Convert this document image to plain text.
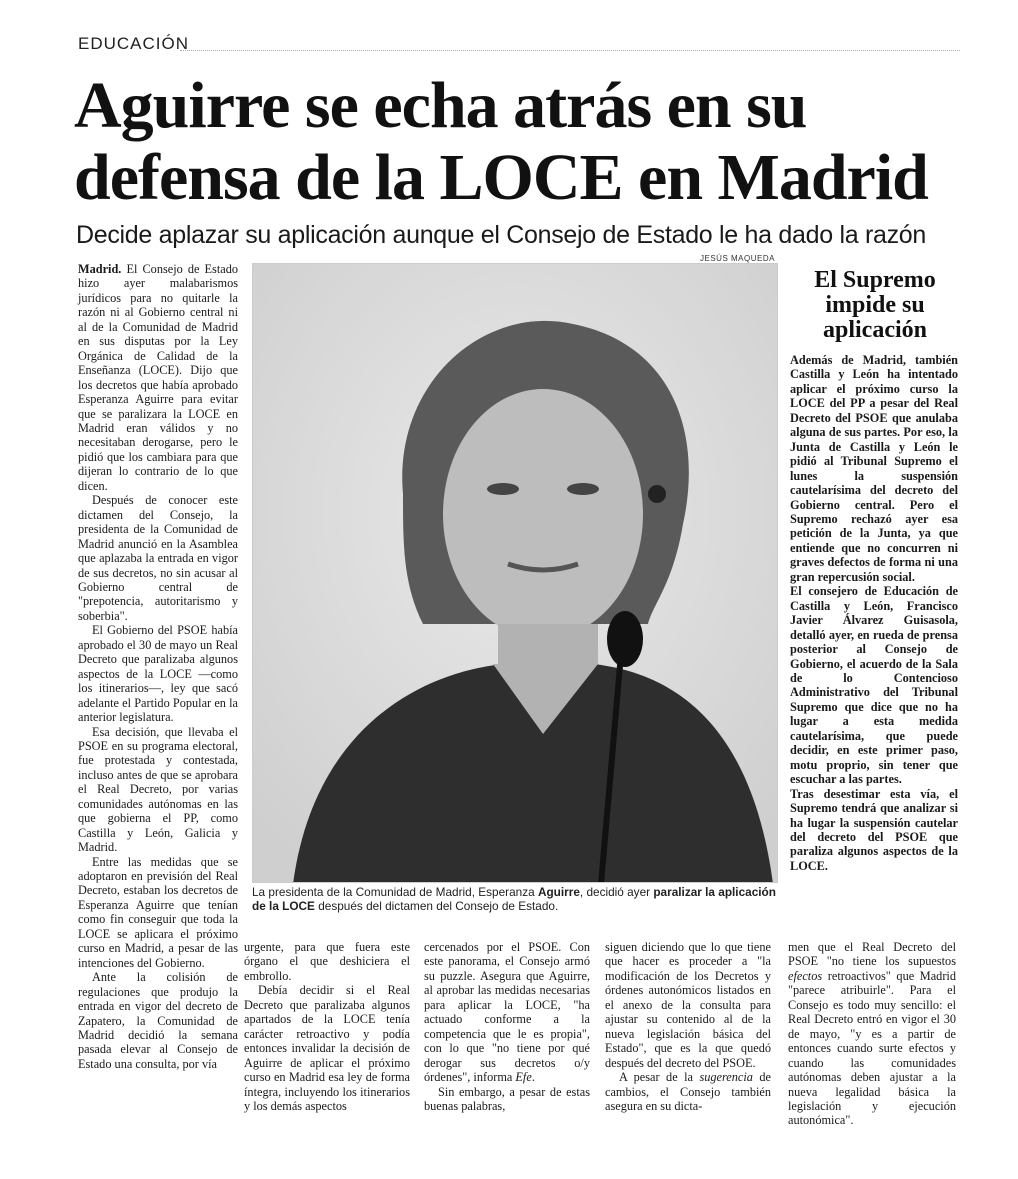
EDUCACIÓN
Aguirre se echa atrás en su defensa de la LOCE en Madrid
Decide aplazar su aplicación aunque el Consejo de Estado le ha dado la razón

Madrid. El Consejo de Estado hizo ayer malabarismos jurídicos para no quitarle la razón ni al Gobierno central ni al de la Comunidad de Madrid en sus disputas por la Ley Orgánica de Calidad de la Enseñanza (LOCE). Dijo que los decretos que había aprobado Esperanza Aguirre para evitar que se paralizara la LOCE en Madrid eran válidos y no necesitaban derogarse, pero le pidió que los cambiara para que dijeran lo contrario de lo que dicen.

Después de conocer este dictamen del Consejo, la presidenta de la Comunidad de Madrid anunció en la Asamblea que aplazaba la entrada en vigor de sus decretos, no sin acusar al Gobierno central de "prepotencia, autoritarismo y soberbia".

El Gobierno del PSOE había aprobado el 30 de mayo un Real Decreto que paralizaba algunos aspectos de la LOCE —como los itinerarios—, ley que sacó adelante el Partido Popular en la anterior legislatura.

Esa decisión, que llevaba el PSOE en su programa electoral, fue protestada y contestada, incluso antes de que se aprobara el Real Decreto, por varias comunidades autónomas en las que gobierna el PP, como Castilla y León, Galicia y Madrid.

Entre las medidas que se adoptaron en previsión del Real Decreto, estaban los decretos de Esperanza Aguirre que tenían como fin conseguir que toda la LOCE se aplicara el próximo curso en Madrid, a pesar de las intenciones del Gobierno.

Ante la colisión de regulaciones que produjo la entrada en vigor del decreto de Zapatero, la Comunidad de Madrid decidió la semana pasada elevar al Consejo de Estado una consulta, por vía

JESÚS MAQUEDA
La presidenta de la Comunidad de Madrid, Esperanza Aguirre, decidió ayer paralizar la aplicación de la LOCE después del dictamen del Consejo de Estado.
El Supremo impide su aplicación

Además de Madrid, también Castilla y León ha intentado aplicar el próximo curso la LOCE del PP a pesar del Real Decreto del PSOE que anulaba alguna de sus partes. Por eso, la Junta de Castilla y León le pidió al Tribunal Supremo el lunes la suspensión cautelarísima del decreto del Gobierno central. Pero el Supremo rechazó ayer esa petición de la Junta, ya que entiende que no concurren ni graves defectos de forma ni una gran repercusión social.

El consejero de Educación de Castilla y León, Francisco Javier Álvarez Guisasola, detalló ayer, en rueda de prensa posterior al Consejo de Gobierno, el acuerdo de la Sala de lo Contencioso Administrativo del Tribunal Supremo que dice que no ha lugar a esta medida cautelarísima, que puede decidir, en este primer paso, motu proprio, sin tener que escuchar a las partes.

Tras desestimar esta vía, el Supremo tendrá que analizar si ha lugar la suspensión cautelar del decreto del PSOE que paraliza algunos aspectos de la LOCE.

urgente, para que fuera este órgano el que deshiciera el embrollo.

Debía decidir si el Real Decreto que paralizaba algunos apartados de la LOCE tenía carácter retroactivo y podía entonces invalidar la decisión de Aguirre de aplicar el próximo curso en Madrid esa ley de forma íntegra, incluyendo los itinerarios y los demás aspectos

cercenados por el PSOE. Con este panorama, el Consejo armó su puzzle. Asegura que Aguirre, al aprobar las medidas necesarias para aplicar la LOCE, "ha actuado conforme a la competencia que le es propia", con lo que "no tiene por qué derogar sus decretos o/y órdenes", informa Efe.

Sin embargo, a pesar de estas buenas palabras,

siguen diciendo que lo que tiene que hacer es proceder a "la modificación de los Decretos y órdenes autonómicos listados en el anexo de la consulta para ajustar su contenido al de la nueva legislación básica del Estado", que es la que quedó después del decreto del PSOE.

A pesar de la sugerencia de cambios, el Consejo también asegura en su dicta-

men que el Real Decreto del PSOE "no tiene los supuestos efectos retroactivos" que Madrid "parece atribuirle". Para el Consejo es todo muy sencillo: el Real Decreto entró en vigor el 30 de mayo, "y es a partir de entonces cuando surte efectos y cuando las comunidades autónomas deben ajustar a la nueva legalidad básica la legislación y ejecución autonómica".
